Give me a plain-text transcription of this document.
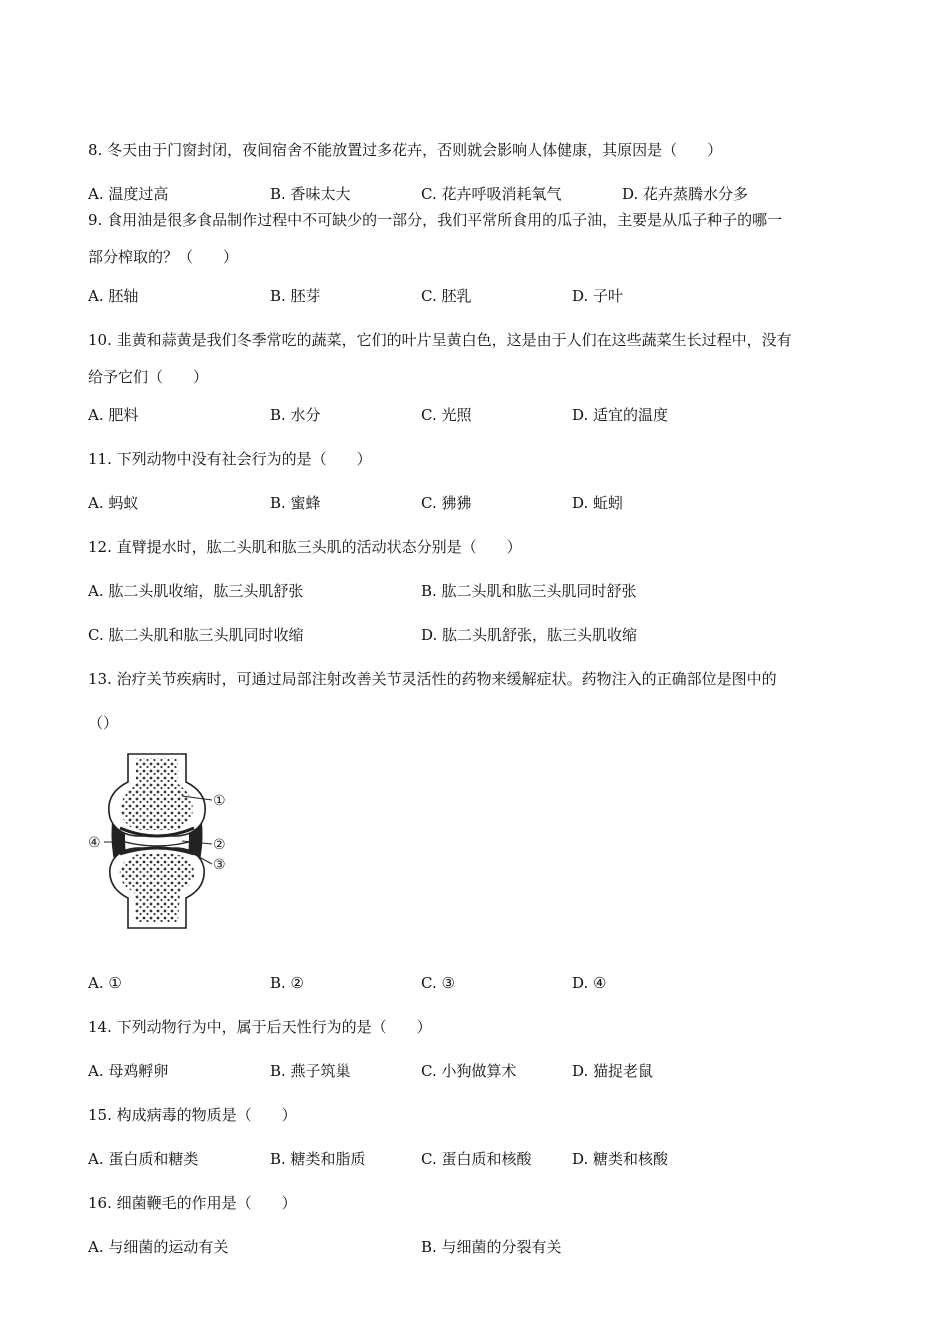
8. 冬天由于门窗封闭，夜间宿舍不能放置过多花卉，否则就会影响人体健康，其原因是（　　）
A. 温度过高	B. 香味太大	C. 花卉呼吸消耗氧气	D. 花卉蒸腾水分多
9. 食用油是很多食品制作过程中不可缺少的一部分，我们平常所食用的瓜子油，主要是从瓜子种子的哪一
部分榨取的？（　　）
A. 胚轴	B. 胚芽	C. 胚乳	D. 子叶
10. 韭黄和蒜黄是我们冬季常吃的蔬菜，它们的叶片呈黄白色，这是由于人们在这些蔬菜生长过程中，没有
给予它们（　　）
A. 肥料	B. 水分	C. 光照	D. 适宜的温度
11. 下列动物中没有社会行为的是（　　）
A. 蚂蚁	B. 蜜蜂	C. 狒狒	D. 蚯蚓
12. 直臂提水时，肱二头肌和肱三头肌的活动状态分别是（　　）
A. 肱二头肌收缩，肱三头肌舒张	B. 肱二头肌和肱三头肌同时舒张
C. 肱二头肌和肱三头肌同时收缩	D. 肱二头肌舒张，肱三头肌收缩
13. 治疗关节疾病时，可通过局部注射改善关节灵活性的药物来缓解症状。药物注入的正确部位是图中的
（）
①
②
③
④
A. ①	B. ②	C. ③	D. ④
14. 下列动物行为中，属于后天性行为的是（　　）
A. 母鸡孵卵	B. 燕子筑巢	C. 小狗做算术	D. 猫捉老鼠
15. 构成病毒的物质是（　　）
A. 蛋白质和糖类	B. 糖类和脂质	C. 蛋白质和核酸	D. 糖类和核酸
16. 细菌鞭毛的作用是（　　）
A. 与细菌的运动有关	B. 与细菌的分裂有关
